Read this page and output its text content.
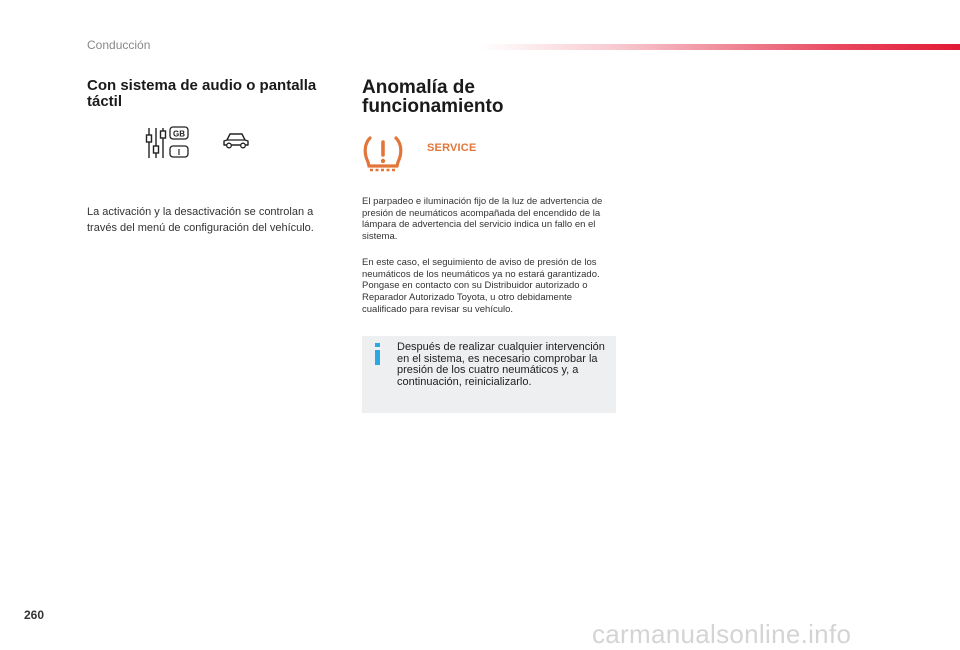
Conducción
Con sistema de audio o pantalla táctil
GB
I

La activación y la desactivación se controlan a través del menú de configuración del vehículo.

Anomalía de funcionamiento
SERVICE

El parpadeo e iluminación fijo de la luz de advertencia de presión de neumáticos acompañada del encendido de la lámpara de advertencia del servicio indica un fallo en el sistema.

En este caso, el seguimiento de aviso de presión de los neumáticos de los neumáticos ya no estará garantizado.

Pongase en contacto con su Distribuidor autorizado o Reparador Autorizado Toyota, u otro debidamente cualificado para revisar su vehículo.

Después de realizar cualquier intervención en el sistema, es necesario comprobar la presión de los cuatro neumáticos y, a continuación, reinicializarlo.

260
carmanualsonline.info
